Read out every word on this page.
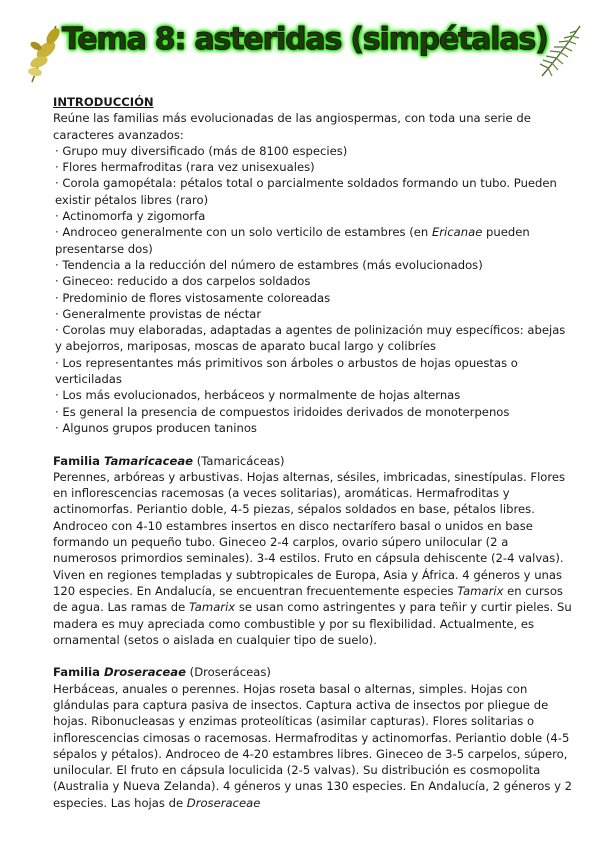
Tema 8: asteridas (simpétalas)

INTRODUCCIÓN

Reúne las familias más evolucionadas de las angiospermas, con toda una serie de caracteres avanzados:

· Grupo muy diversificado (más de 8100 especies)

· Flores hermafroditas (rara vez unisexuales)

· Corola gamopétala: pétalos total o parcialmente soldados formando un tubo. Pueden existir pétalos libres (raro)

· Actinomorfa y zigomorfa

· Androceo generalmente con un solo verticilo de estambres (en Ericanae pueden presentarse dos)

· Tendencia a la reducción del número de estambres (más evolucionados)

· Gineceo: reducido a dos carpelos soldados

· Predominio de flores vistosamente coloreadas

· Generalmente provistas de néctar

· Corolas muy elaboradas, adaptadas a agentes de polinización muy específicos: abejas y abejorros, mariposas, moscas de aparato bucal largo y colibríes

· Los representantes más primitivos son árboles o arbustos de hojas opuestas o verticiladas

· Los más evolucionados, herbáceos y normalmente de hojas alternas

· Es general la presencia de compuestos iridoides derivados de monoterpenos

· Algunos grupos producen taninos

Familia Tamaricaceae (Tamaricáceas)

Perennes, arbóreas y arbustivas. Hojas alternas, sésiles, imbricadas, sinestípulas. Flores en inflorescencias racemosas (a veces solitarias), aromáticas. Hermafroditas y actinomorfas. Periantio doble, 4-5 piezas, sépalos soldados en base, pétalos libres. Androceo con 4-10 estambres insertos en disco nectarífero basal o unidos en base formando un pequeño tubo. Gineceo 2-4 carplos, ovario súpero unilocular (2 a numerosos primordios seminales). 3-4 estilos. Fruto en cápsula dehiscente (2-4 valvas).

Viven en regiones templadas y subtropicales de Europa, Asia y África. 4 géneros y unas 120 especies. En Andalucía, se encuentran frecuentemente especies Tamarix en cursos de agua. Las ramas de Tamarix se usan como astringentes y para teñir y curtir pieles. Su madera es muy apreciada como combustible y por su flexibilidad. Actualmente, es ornamental (setos o aislada en cualquier tipo de suelo).

Familia Droseraceae (Droseráceas)

Herbáceas, anuales o perennes. Hojas roseta basal o alternas, simples. Hojas con glándulas para captura pasiva de insectos. Captura activa de insectos por pliegue de hojas. Ribonucleasas y enzimas proteolíticas (asimilar capturas). Flores solitarias o inflorescencias cimosas o racemosas. Hermafroditas y actinomorfas. Periantio doble (4-5 sépalos y pétalos). Androceo de 4-20 estambres libres. Gineceo de 3-5 carpelos, súpero, unilocular. El fruto en cápsula loculicida (2-5 valvas). Su distribución es cosmopolita (Australia y Nueva Zelanda). 4 géneros y unas 130 especies. En Andalucía, 2 géneros y 2 especies. Las hojas de Droseraceae
